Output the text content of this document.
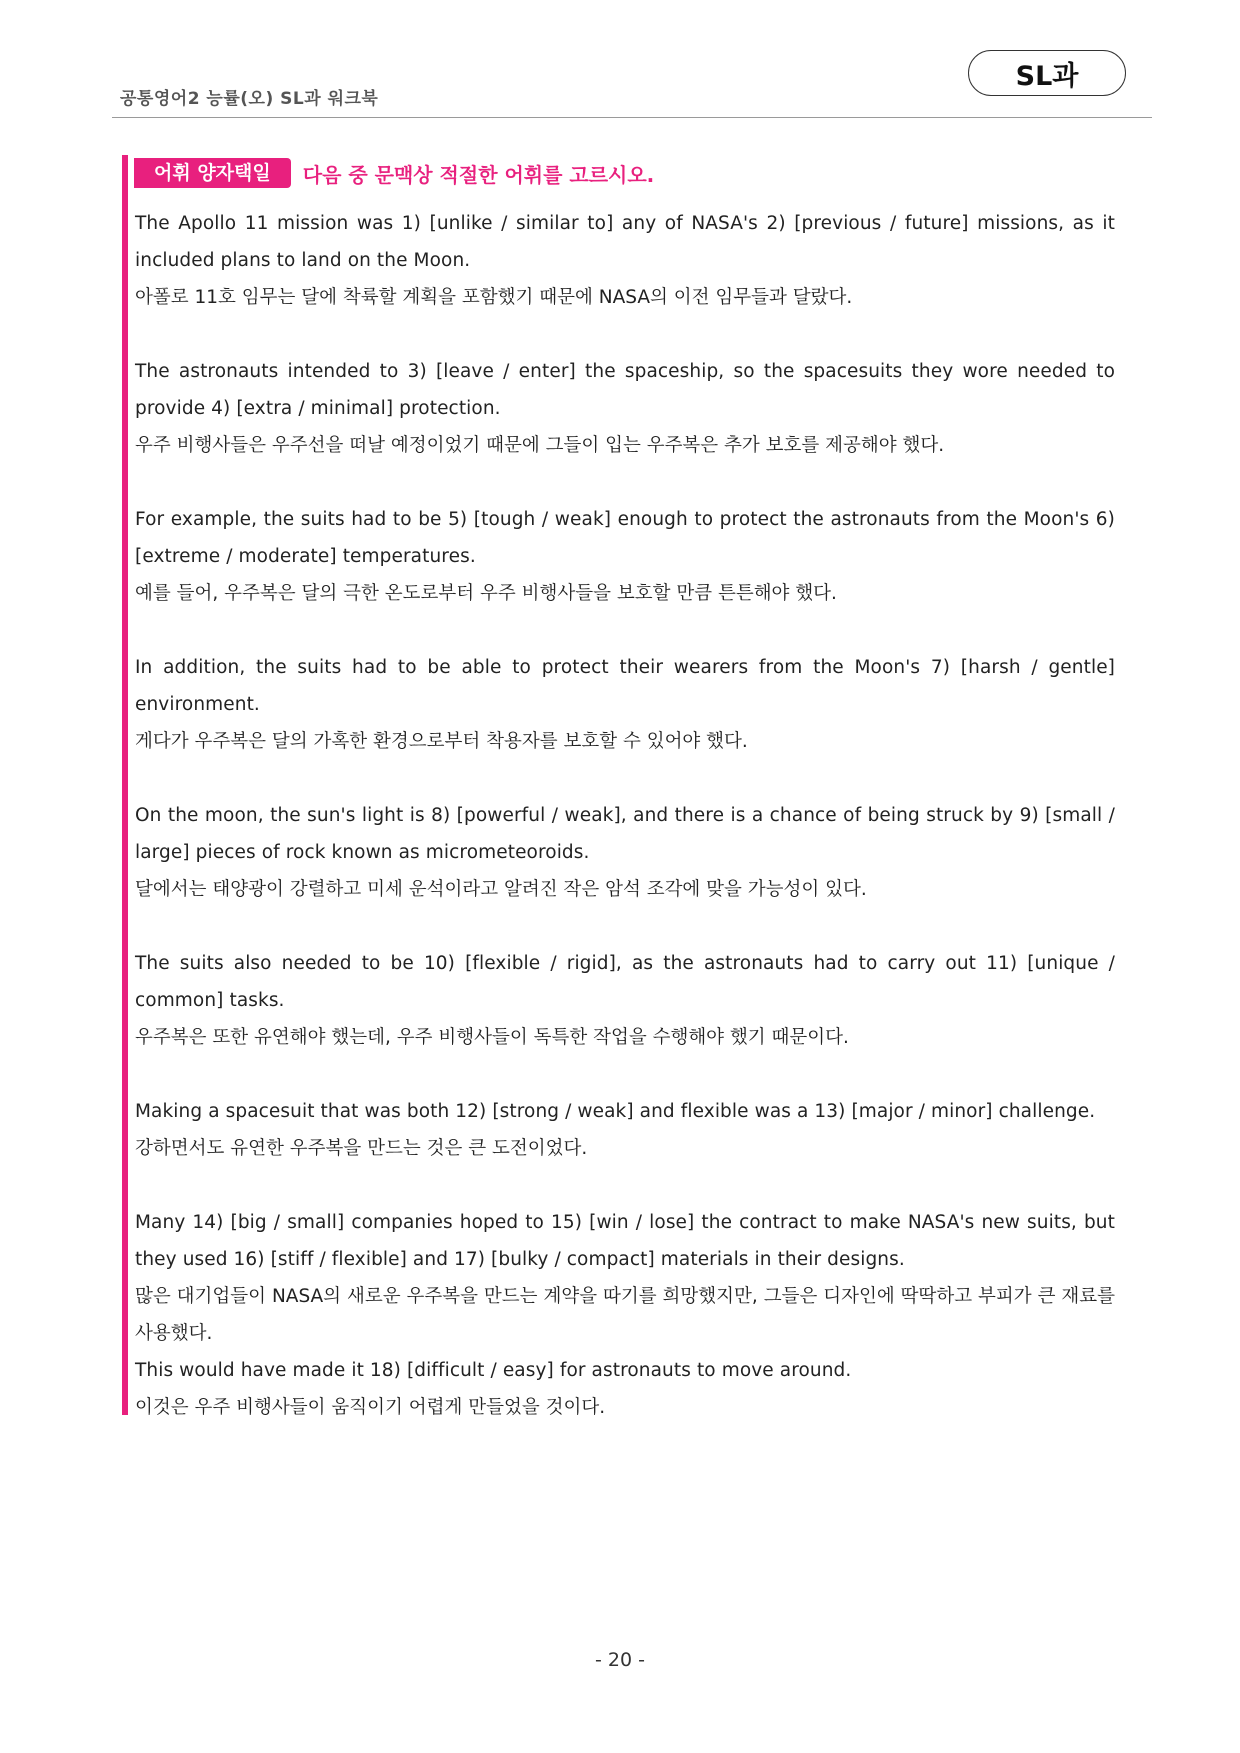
공통영어2 능률(오) SL과 워크북
SL과
어휘 양자택일	다음 중 문맥상 적절한 어휘를 고르시오.
The Apollo 11 mission was 1) [unlike / similar to] any of NASA's 2) [previous / future] missions, as it included plans to land on the Moon.
아폴로 11호 임무는 달에 착륙할 계획을 포함했기 때문에 NASA의 이전 임무들과 달랐다.
The astronauts intended to 3) [leave / enter] the spaceship, so the spacesuits they wore needed to provide 4) [extra / minimal] protection.
우주 비행사들은 우주선을 떠날 예정이었기 때문에 그들이 입는 우주복은 추가 보호를 제공해야 했다.
For example, the suits had to be 5) [tough / weak] enough to protect the astronauts from the Moon's 6) [extreme / moderate] temperatures.
예를 들어, 우주복은 달의 극한 온도로부터 우주 비행사들을 보호할 만큼 튼튼해야 했다.
In addition, the suits had to be able to protect their wearers from the Moon's 7) [harsh / gentle] environment.
게다가 우주복은 달의 가혹한 환경으로부터 착용자를 보호할 수 있어야 했다.
On the moon, the sun's light is 8) [powerful / weak], and there is a chance of being struck by 9) [small / large] pieces of rock known as micrometeoroids.
달에서는 태양광이 강렬하고 미세 운석이라고 알려진 작은 암석 조각에 맞을 가능성이 있다.
The suits also needed to be 10) [flexible / rigid], as the astronauts had to carry out 11) [unique / common] tasks.
우주복은 또한 유연해야 했는데, 우주 비행사들이 독특한 작업을 수행해야 했기 때문이다.
Making a spacesuit that was both 12) [strong / weak] and flexible was a 13) [major / minor] challenge.
강하면서도 유연한 우주복을 만드는 것은 큰 도전이었다.
Many 14) [big / small] companies hoped to 15) [win / lose] the contract to make NASA's new suits, but they used 16) [stiff / flexible] and 17) [bulky / compact] materials in their designs.
많은 대기업들이 NASA의 새로운 우주복을 만드는 계약을 따기를 희망했지만, 그들은 디자인에 딱딱하고 부피가 큰 재료를 사용했다.
This would have made it 18) [difficult / easy] for astronauts to move around.
이것은 우주 비행사들이 움직이기 어렵게 만들었을 것이다.
- 20 -
